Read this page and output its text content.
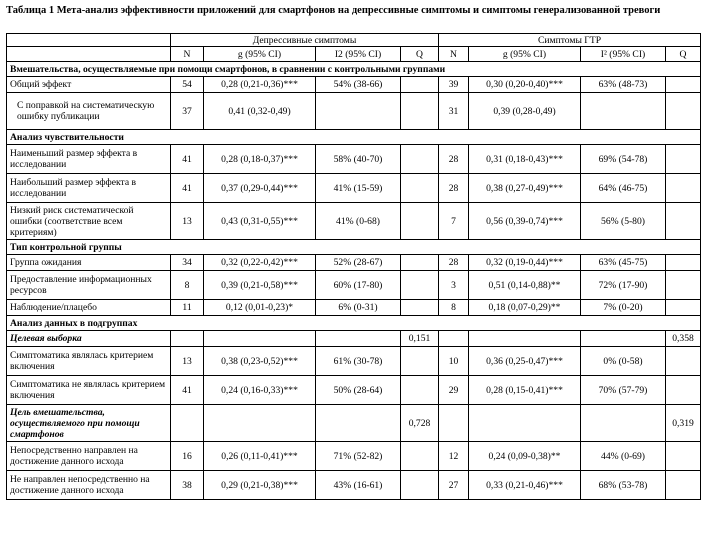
Таблица 1 Мета-анализ эффективности приложений для смартфонов на депрессивные симптомы и симптомы генерализованной тревоги
	Депрессивные симптомы				Симптомы ГТР			
	N	g (95% CI)	I2 (95% CI)	Q	N	g (95% CI)	I² (95% CI)	Q
Вмешательства, осуществляемые при помощи смартфонов, в сравнении с контрольными группами								
Общий эффект	54	0,28 (0,21-0,36)***	54% (38-66)		39	0,30 (0,20-0,40)***	63% (48-73)	
С поправкой на систематическую ошибку публикации	37	0,41 (0,32-0,49)			31	0,39 (0,28-0,49)		
Анализ чувствительности								
Наименьший размер эффекта в исследовании	41	0,28 (0,18-0,37)***	58% (40-70)		28	0,31 (0,18-0,43)***	69% (54-78)	
Наибольший размер эффекта в исследовании	41	0,37 (0,29-0,44)***	41% (15-59)		28	0,38 (0,27-0,49)***	64% (46-75)	
Низкий риск систематической ошибки (соответствие всем критериям)	13	0,43 (0,31-0,55)***	41% (0-68)		7	0,56 (0,39-0,74)***	56% (5-80)	
Тип контрольной группы								
Группа ожидания	34	0,32 (0,22-0,42)***	52% (28-67)		28	0,32 (0,19-0,44)***	63% (45-75)	
Предоставление информационных ресурсов	8	0,39 (0,21-0,58)***	60% (17-80)		3	0,51 (0,14-0,88)**	72% (17-90)	
Наблюдение/плацебо	11	0,12 (0,01-0,23)*	6% (0-31)		8	0,18 (0,07-0,29)**	7% (0-20)	
Анализ данных в подгруппах								
Целевая выборка				0,151				0,358
Симптоматика являлась критерием включения	13	0,38 (0,23-0,52)***	61% (30-78)		10	0,36 (0,25-0,47)***	0% (0-58)	
Симптоматика не являлась критерием включения	41	0,24 (0,16-0,33)***	50% (28-64)		29	0,28 (0,15-0,41)***	70% (57-79)	
Цель вмешательства, осуществляемого при помощи смартфонов				0,728				0,319
Непосредственно направлен на достижение данного исхода	16	0,26 (0,11-0,41)***	71% (52-82)		12	0,24 (0,09-0,38)**	44% (0-69)	
Не направлен непосредственно на достижение данного исхода	38	0,29 (0,21-0,38)***	43% (16-61)		27	0,33 (0,21-0,46)***	68% (53-78)	
